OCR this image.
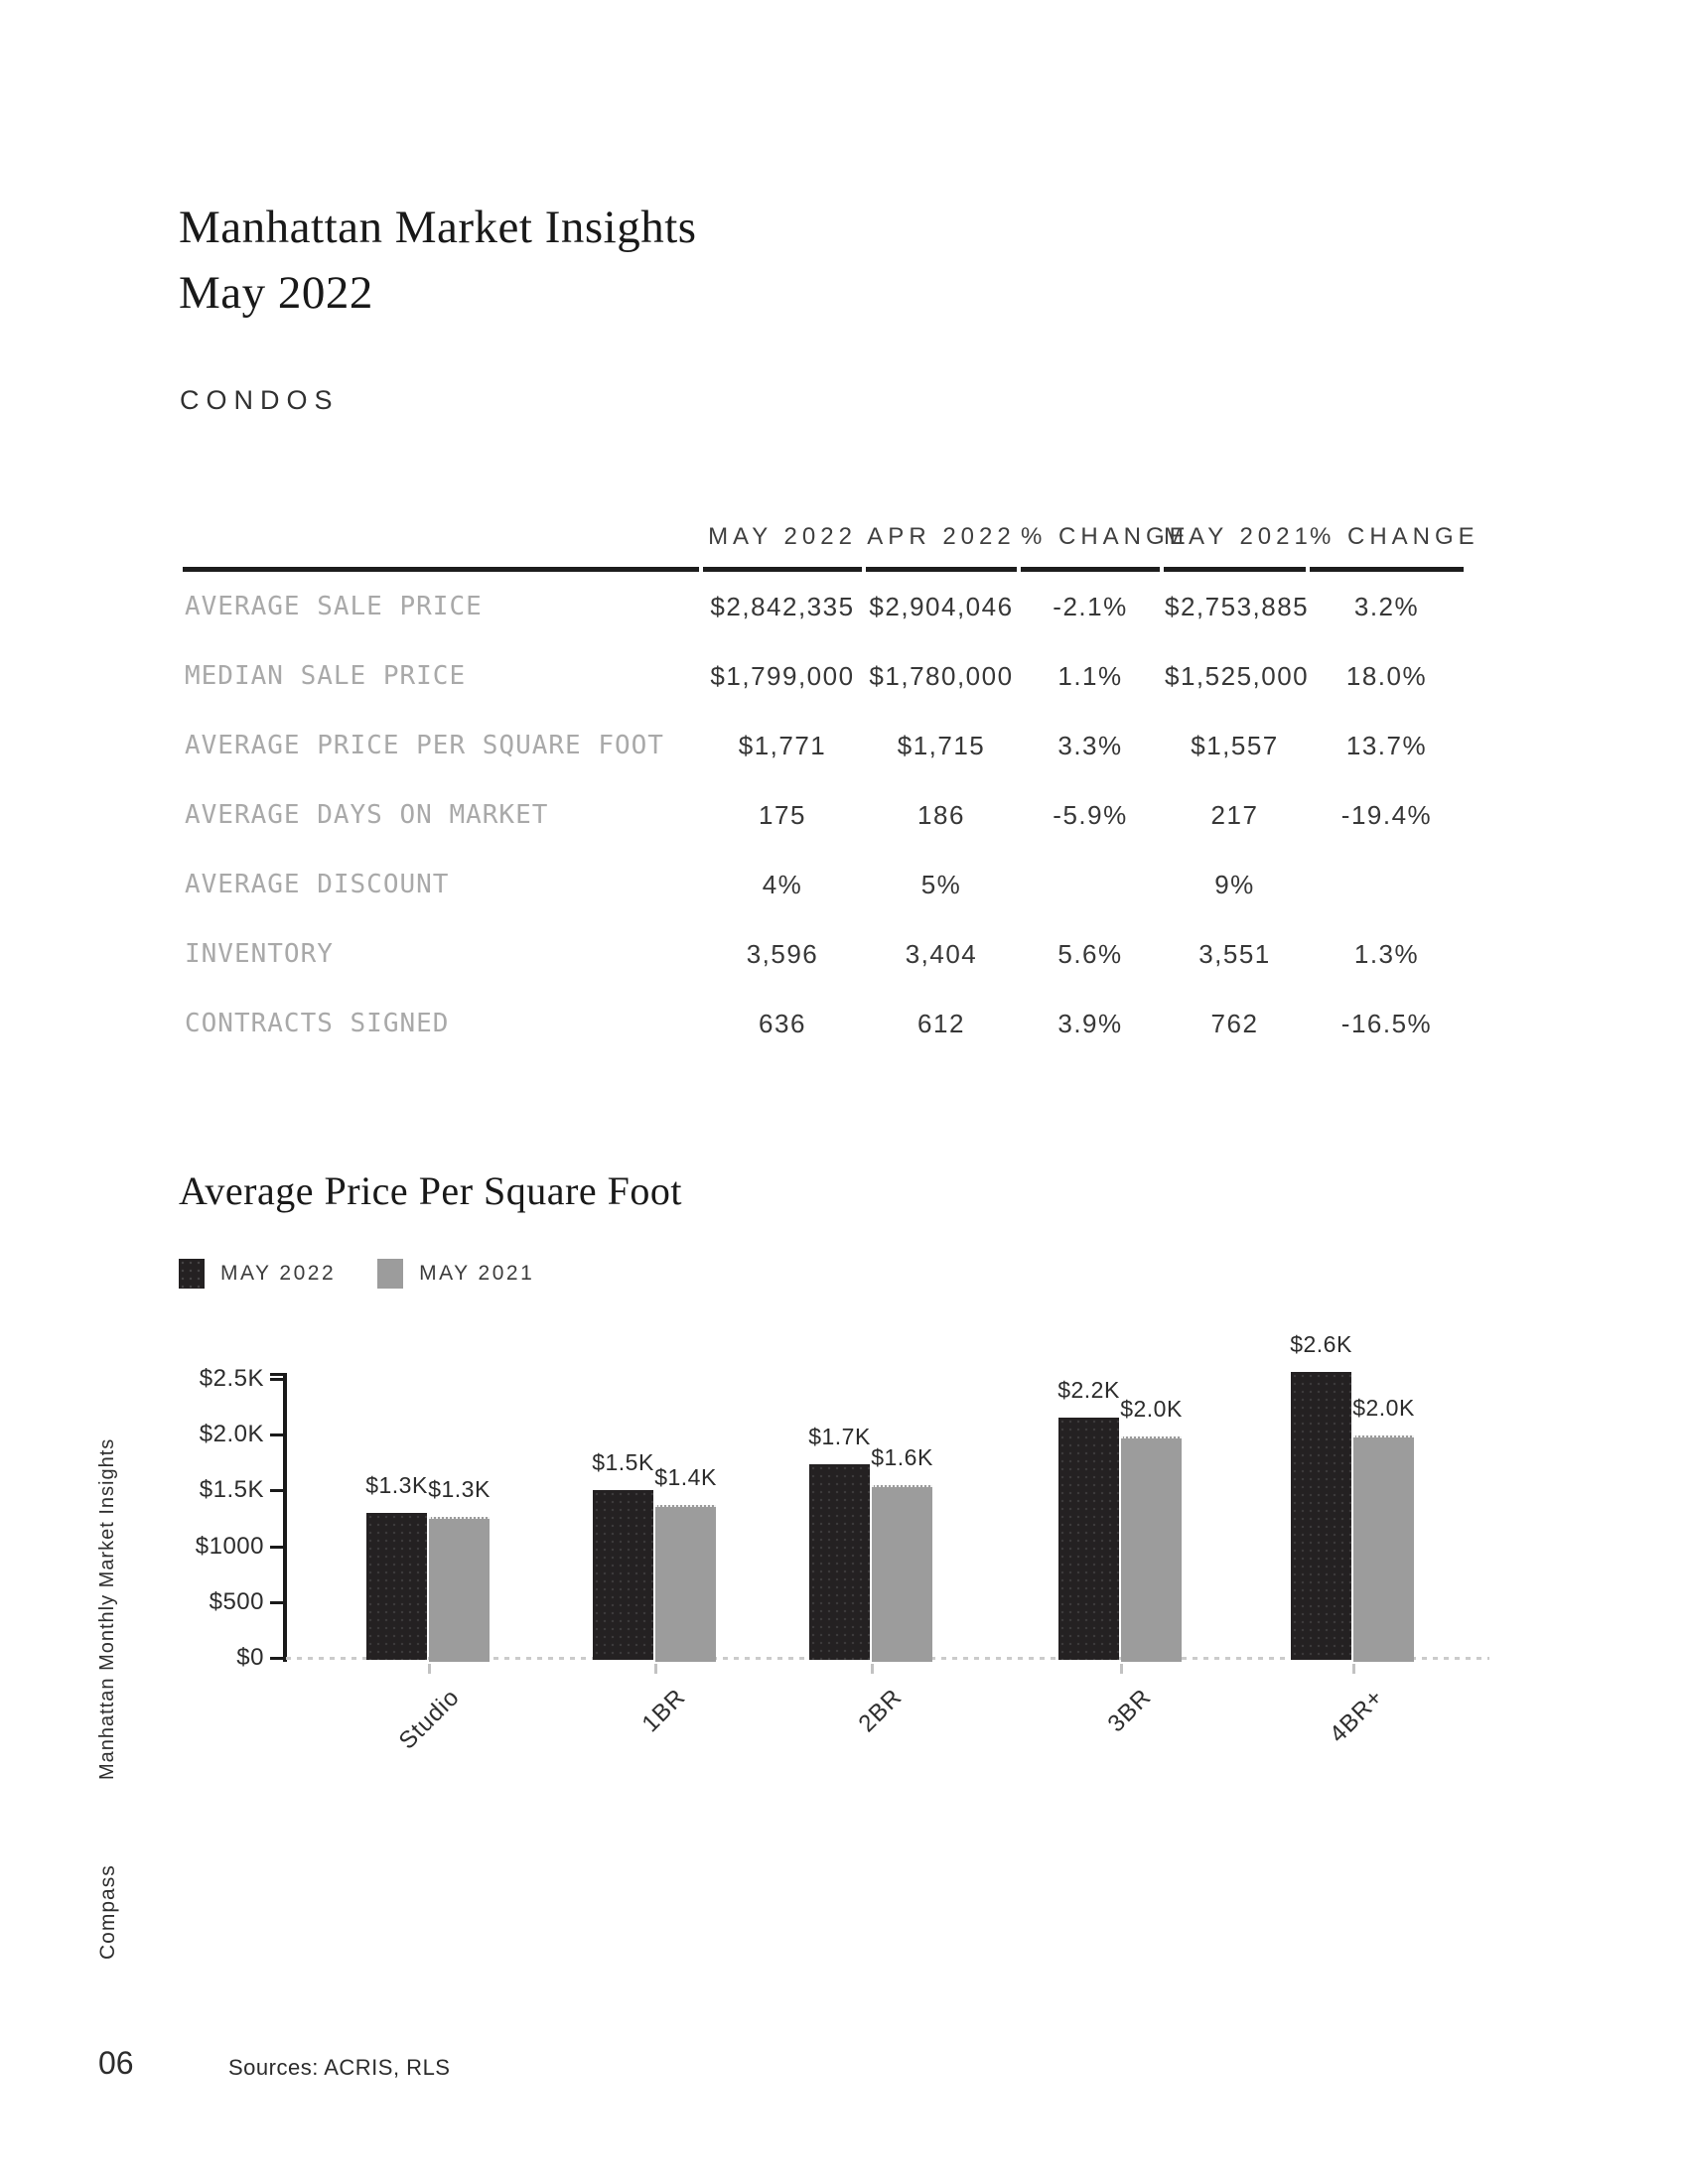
Manhattan Monthly Market Insights
Compass
Manhattan Market Insights
May 2022
CONDOS
	MAY 2022	APR 2022	% CHANGE	MAY 2021	% CHANGE
AVERAGE SALE PRICE	$2,842,335	$2,904,046	-2.1%	$2,753,885	3.2%
MEDIAN SALE PRICE	$1,799,000	$1,780,000	1.1%	$1,525,000	18.0%
AVERAGE PRICE PER SQUARE FOOT	$1,771	$1,715	3.3%	$1,557	13.7%
AVERAGE DAYS ON MARKET	175	186	-5.9%	217	-19.4%
AVERAGE DISCOUNT	4%	5%		9%	
INVENTORY	3,596	3,404	5.6%	3,551	1.3%
CONTRACTS SIGNED	636	612	3.9%	762	-16.5%
Average Price Per Square Foot
MAY 2022	MAY 2021
$2.5K
$2.0K
$1.5K
$1000
$500
$0
$1.3K $1.3K
Studio
$1.5K
$1.4K
1BR
$1.7K
$1.6K
2BR
$2.2K
$2.0K
3BR
$2.6K
$2.0K
4BR+
06	Sources: ACRIS, RLS
